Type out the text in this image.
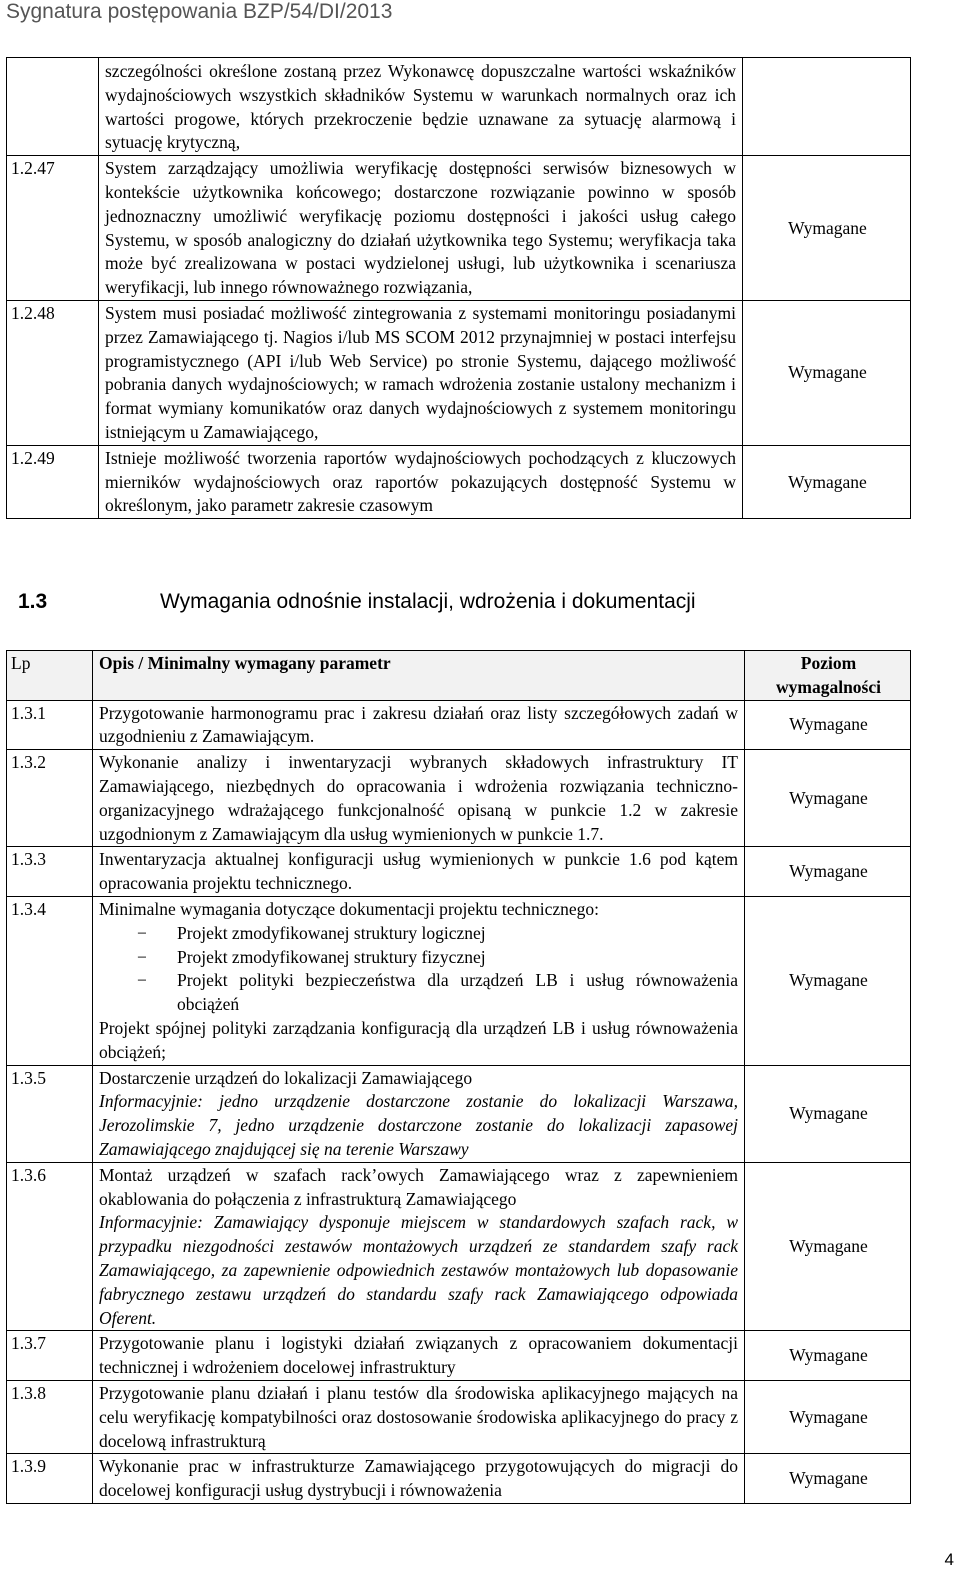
Sygnatura postępowania BZP/54/DI/2013
	szczególności określone zostaną przez Wykonawcę dopuszczalne wartości wskaźników wydajnościowych wszystkich składników Systemu w warunkach normalnych oraz ich wartości progowe, których przekroczenie będzie uznawane za sytuację alarmową i sytuację krytyczną,	
1.2.47	System zarządzający umożliwia weryfikację dostępności serwisów biznesowych w kontekście użytkownika końcowego; dostarczone rozwiązanie powinno w sposób jednoznaczny umożliwić weryfikację poziomu dostępności i jakości usług całego Systemu, w sposób analogiczny do działań użytkownika tego Systemu; weryfikacja taka może być zrealizowana w postaci wydzielonej usługi, lub użytkownika i scenariusza weryfikacji, lub innego równoważnego rozwiązania,	Wymagane
1.2.48	System musi posiadać możliwość zintegrowania z systemami monitoringu posiadanymi przez Zamawiającego tj. Nagios i/lub MS SCOM 2012 przynajmniej w postaci interfejsu programistycznego (API i/lub Web Service) po stronie Systemu, dającego możliwość pobrania danych wydajnościowych; w ramach wdrożenia zostanie ustalony mechanizm i format wymiany komunikatów oraz danych wydajnościowych z systemem monitoringu istniejącym u Zamawiającego,	Wymagane
1.2.49	Istnieje możliwość tworzenia raportów wydajnościowych pochodzących z kluczowych mierników wydajnościowych oraz raportów pokazujących dostępność Systemu w określonym, jako parametr zakresie czasowym	Wymagane
1.3	Wymagania odnośnie instalacji, wdrożenia i dokumentacji
Lp	Opis / Minimalny wymagany parametr	Poziom wymagalności
1.3.1	Przygotowanie harmonogramu prac i zakresu działań oraz listy szczegółowych zadań w uzgodnieniu z Zamawiającym.	Wymagane
1.3.2	Wykonanie analizy i inwentaryzacji wybranych składowych infrastruktury IT Zamawiającego, niezbędnych do opracowania i wdrożenia rozwiązania techniczno-organizacyjnego wdrażającego funkcjonalność opisaną w punkcie 1.2 w zakresie uzgodnionym z Zamawiającym dla usług wymienionych w punkcie 1.7.	Wymagane
1.3.3	Inwentaryzacja aktualnej konfiguracji usług wymienionych w punkcie 1.6 pod kątem opracowania projektu technicznego.	Wymagane
1.3.4	Minimalne wymagania dotyczące dokumentacji projektu technicznego:
− Projekt zmodyfikowanej struktury logicznej
− Projekt zmodyfikowanej struktury fizycznej
− Projekt polityki bezpieczeństwa dla urządzeń LB i usług równoważenia obciążeń
Projekt spójnej polityki zarządzania konfiguracją dla urządzeń LB i usług równoważenia obciążeń;	Wymagane
1.3.5	Dostarczenie urządzeń do lokalizacji Zamawiającego
Informacyjnie: jedno urządzenie dostarczone zostanie do lokalizacji Warszawa, Jerozolimskie 7, jedno urządzenie dostarczone zostanie do lokalizacji zapasowej Zamawiającego znajdującej się na terenie Warszawy	Wymagane
1.3.6	Montaż urządzeń w szafach rack’owych Zamawiającego wraz z zapewnieniem okablowania do połączenia z infrastrukturą Zamawiającego
Informacyjnie: Zamawiający dysponuje miejscem w standardowych szafach rack, w przypadku niezgodności zestawów montażowych urządzeń ze standardem szafy rack Zamawiającego, za zapewnienie odpowiednich zestawów montażowych lub dopasowanie fabrycznego zestawu urządzeń do standardu szafy rack Zamawiającego odpowiada Oferent.	Wymagane
1.3.7	Przygotowanie planu i logistyki działań związanych z opracowaniem dokumentacji technicznej i wdrożeniem docelowej infrastruktury	Wymagane
1.3.8	Przygotowanie planu działań i planu testów dla środowiska aplikacyjnego mających na celu weryfikację kompatybilności oraz dostosowanie środowiska aplikacyjnego do pracy z docelową infrastrukturą	Wymagane
1.3.9	Wykonanie prac w infrastrukturze Zamawiającego przygotowujących do migracji do docelowej konfiguracji usług dystrybucji i równoważenia	Wymagane
4
